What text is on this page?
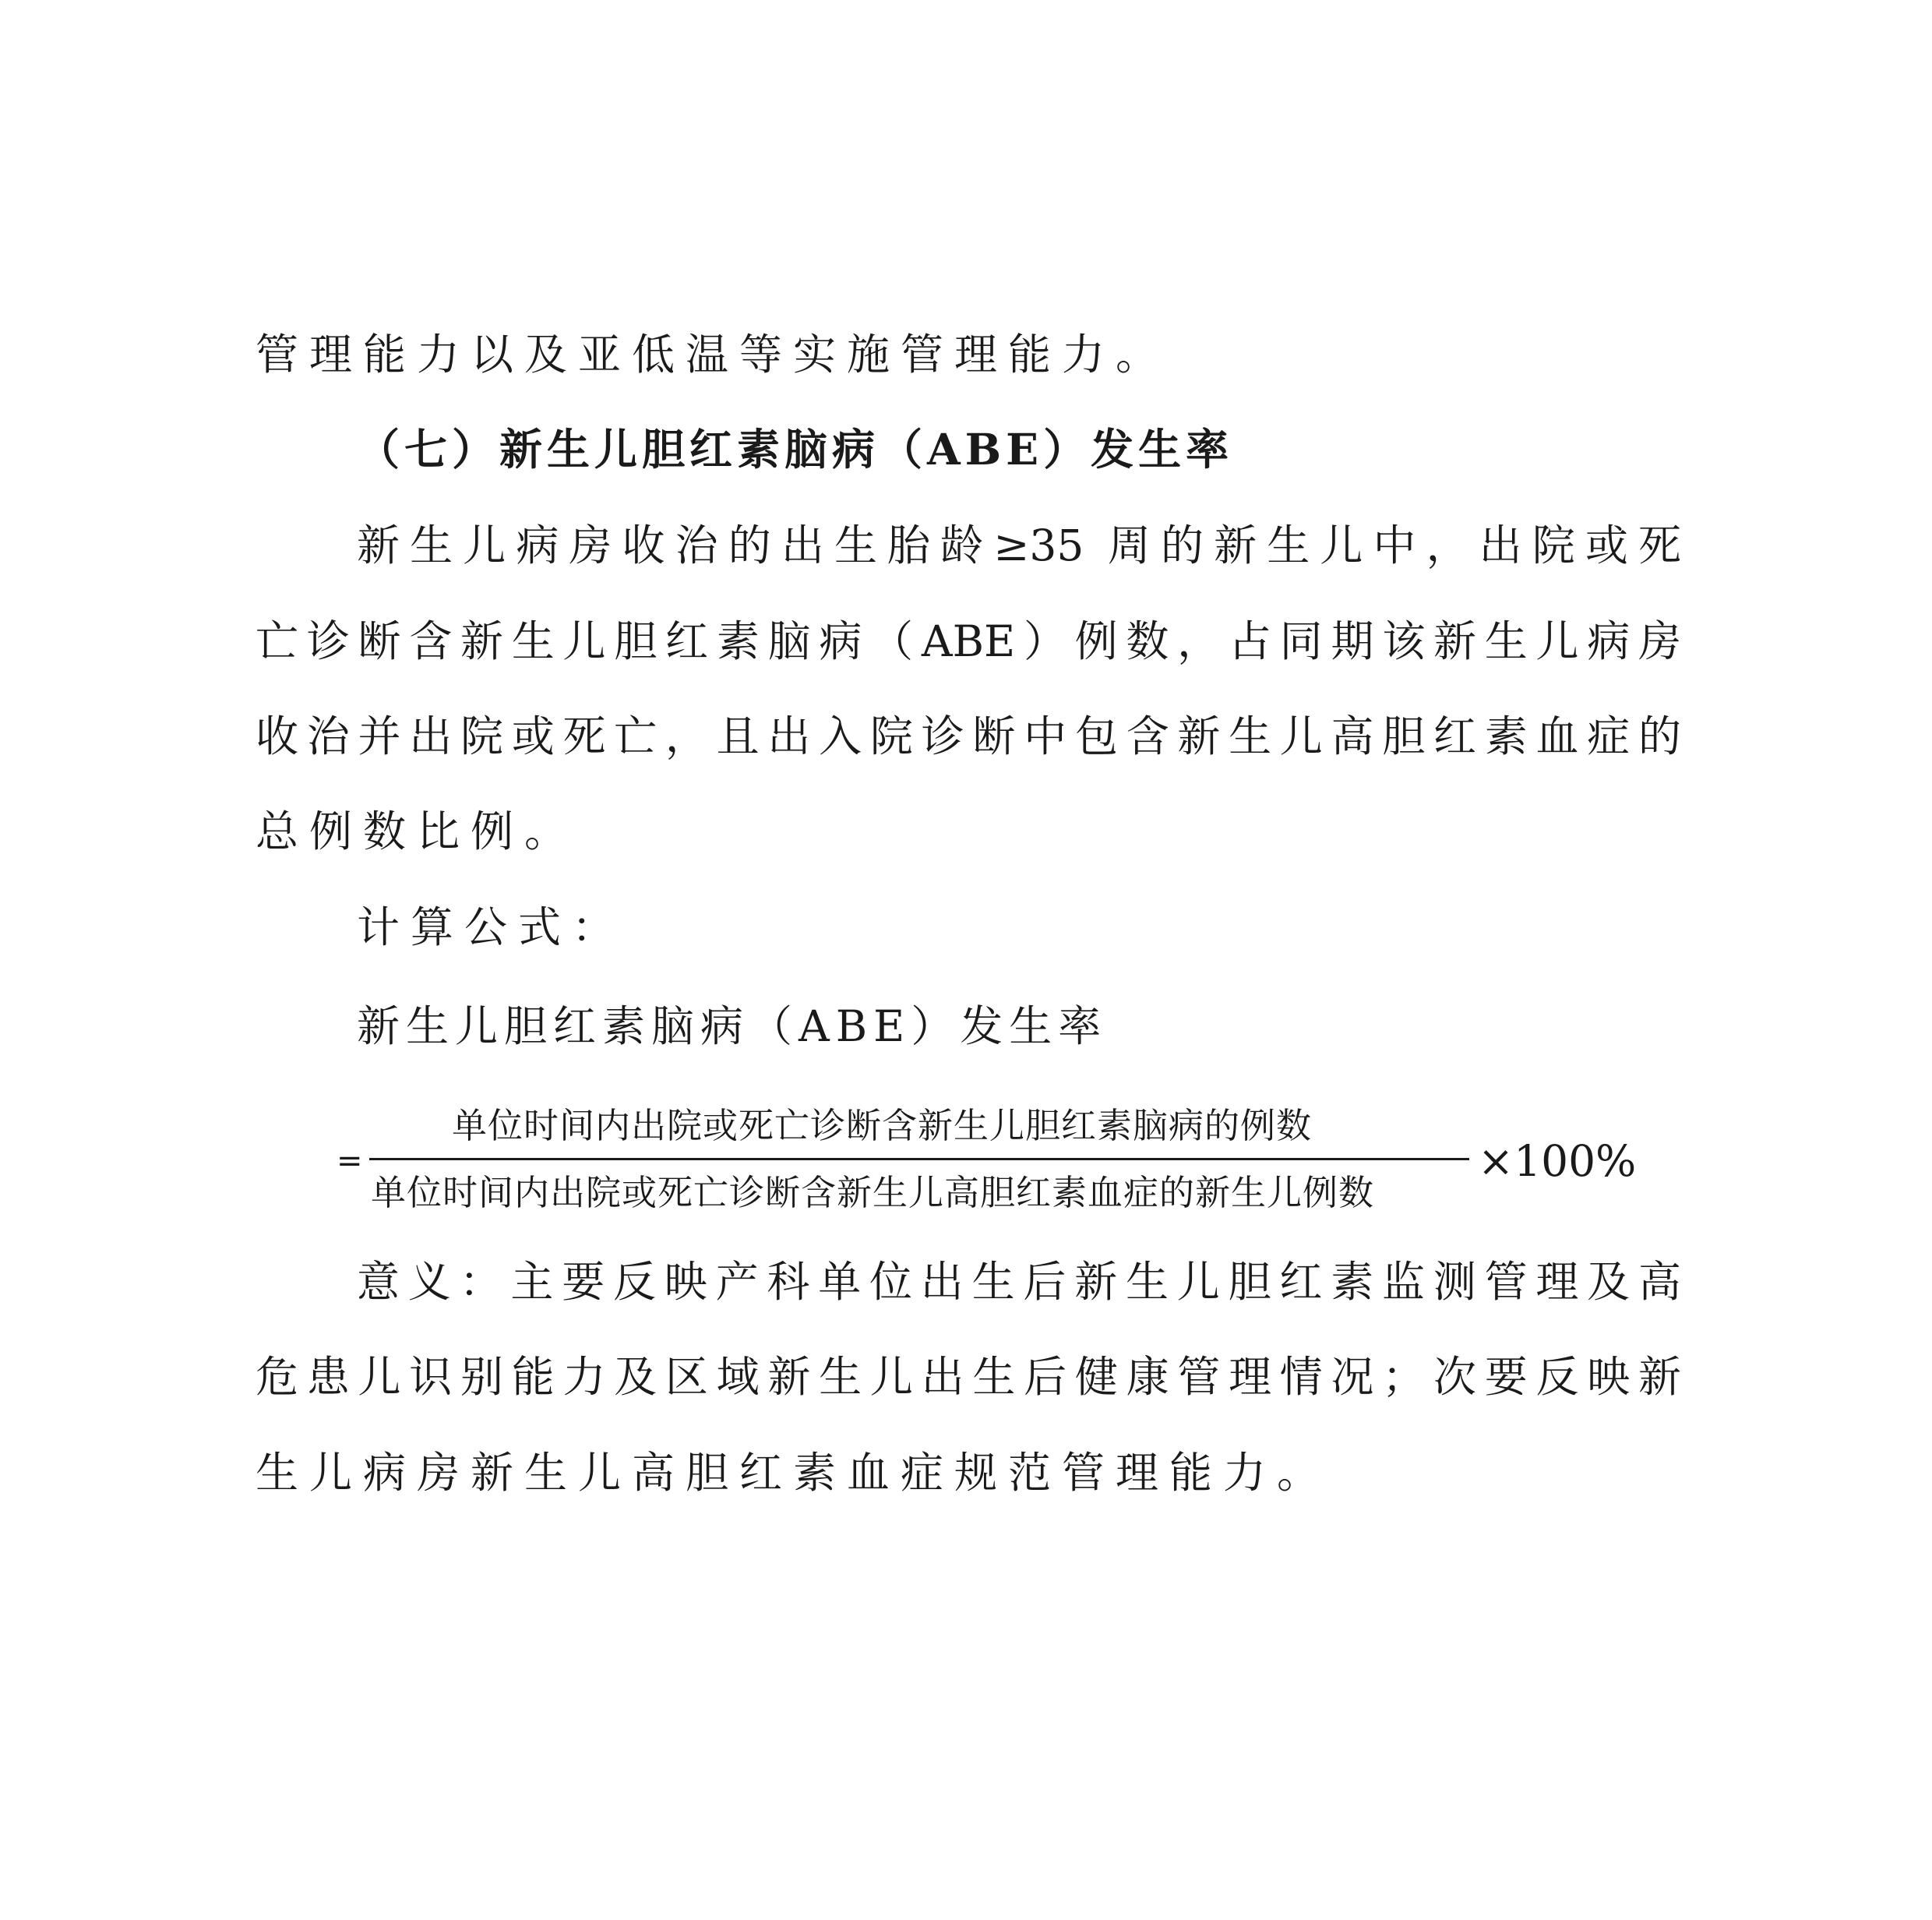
管理能力以及亚低温等实施管理能力。
（七）新生儿胆红素脑病（ABE）发生率
新生儿病房收治的出生胎龄≥35 周的新生儿中，出院或死
亡诊断含新生儿胆红素脑病（ABE）例数，占同期该新生儿病房
收治并出院或死亡，且出入院诊断中包含新生儿高胆红素血症的
总例数比例。
计算公式：
新生儿胆红素脑病（ABE）发生率
=
单位时间内出院或死亡诊断含新生儿胆红素脑病的例数
单位时间内出院或死亡诊断含新生儿高胆红素血症的新生儿例数
×100%
意义：主要反映产科单位出生后新生儿胆红素监测管理及高
危患儿识别能力及区域新生儿出生后健康管理情况；次要反映新
生儿病房新生儿高胆红素血症规范管理能力。
